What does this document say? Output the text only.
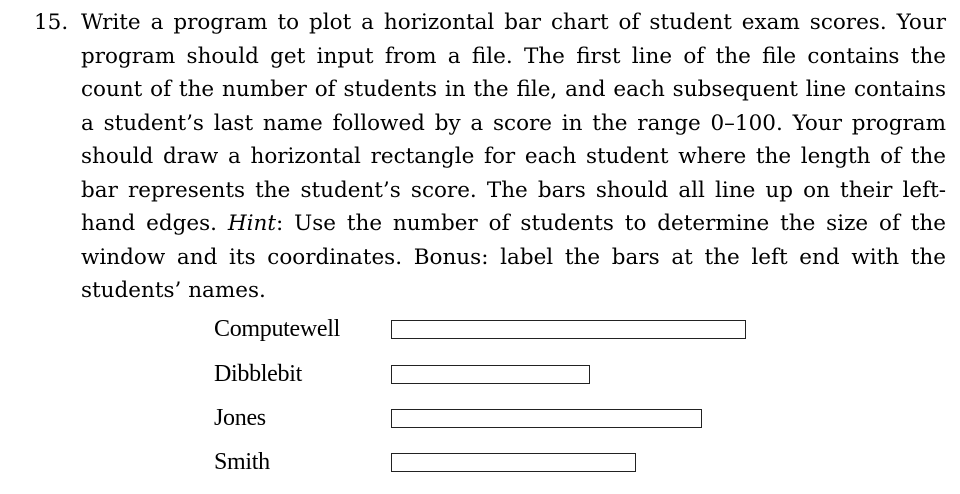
15. Write a program to plot a horizontal bar chart of student exam scores. Your program should get input from a file. The first line of the file contains the count of the number of students in the file, and each subsequent line contains a student’s last name followed by a score in the range 0–100. Your program should draw a horizontal rectangle for each student where the length of the bar represents the student’s score. The bars should all line up on their left-hand edges. Hint: Use the number of students to determine the size of the window and its coordinates. Bonus: label the bars at the left end with the students’ names.
Computewell
Dibblebit
Jones
Smith
